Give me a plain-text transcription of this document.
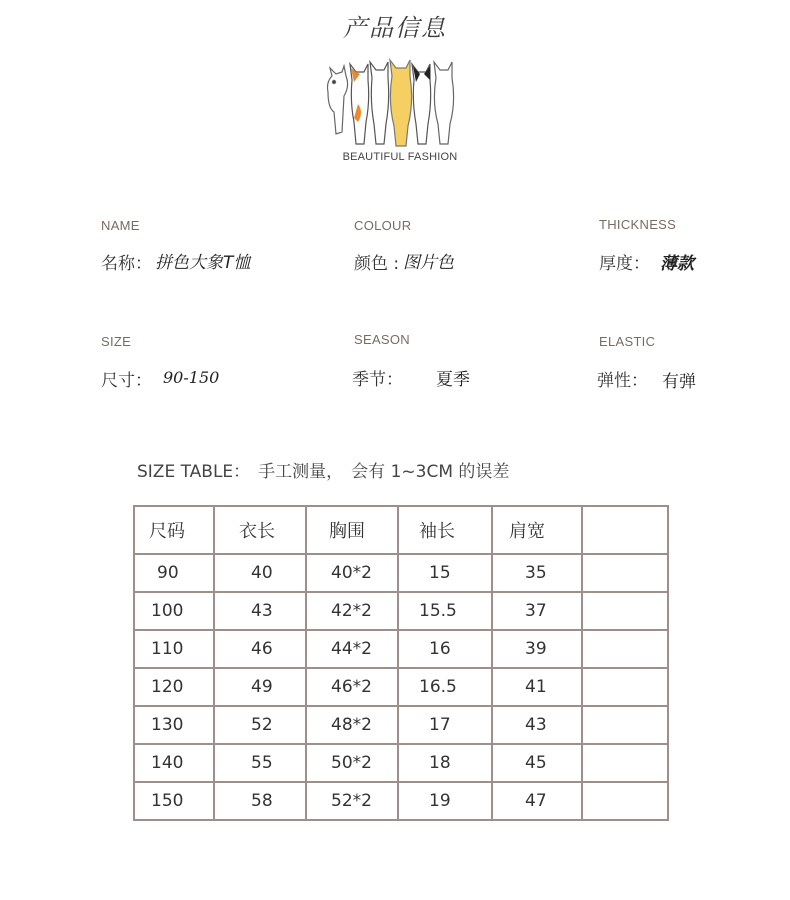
产品信息
BEAUTIFUL FASHION
NAME
名称： 拼色大象T恤
COLOUR
颜色 : 图片色
THICKNESS
厚度： 薄款
SIZE
尺寸： 90-150
SEASON
季节： 夏季
ELASTIC
弹性： 有弹
SIZE TABLE： 手工测量， 会有 1~3CM 的误差
尺码	衣长	胸围	袖长	肩宽	
90	40	40*2	15	35	
100	43	42*2	15.5	37	
110	46	44*2	16	39	
120	49	46*2	16.5	41	
130	52	48*2	17	43	
140	55	50*2	18	45	
150	58	52*2	19	47	
